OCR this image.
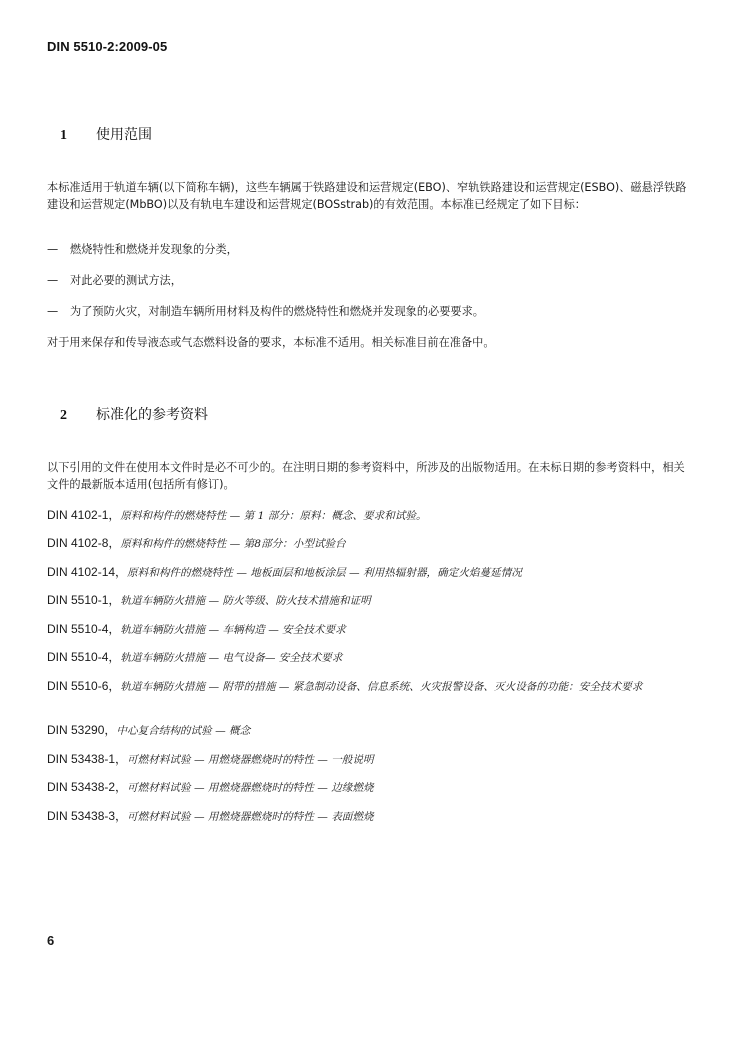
DIN 5510-2:2009-05
1 使用范围
本标准适用于轨道车辆(以下简称车辆)，这些车辆属于铁路建设和运营规定(EBO)、窄轨铁路建设和运营规定(ESBO)、磁悬浮铁路建设和运营规定(MbBO)以及有轨电车建设和运营规定(BOSstrab)的有效范围。本标准已经规定了如下目标：
— 燃烧特性和燃烧并发现象的分类，
— 对此必要的测试方法，
— 为了预防火灾，对制造车辆所用材料及构件的燃烧特性和燃烧并发现象的必要要求。
对于用来保存和传导液态或气态燃料设备的要求，本标准不适用。相关标准目前在准备中。
2 标准化的参考资料
以下引用的文件在使用本文件时是必不可少的。在注明日期的参考资料中，所涉及的出版物适用。在未标日期的参考资料中，相关文件的最新版本适用(包括所有修订)。
DIN 4102-1，原料和构件的燃烧特性 — 第 1 部分：原料：概念、要求和试验。
DIN 4102-8，原料和构件的燃烧特性 — 第8部分：小型试验台
DIN 4102-14，原料和构件的燃烧特性 — 地板面层和地板涂层 — 利用热辐射器，确定火焰蔓延情况
DIN 5510-1，轨道车辆防火措施 — 防火等级、防火技术措施和证明
DIN 5510-4，轨道车辆防火措施 — 车辆构造 — 安全技术要求
DIN 5510-4，轨道车辆防火措施 — 电气设备— 安全技术要求
DIN 5510-6，轨道车辆防火措施 — 附带的措施 — 紧急制动设备、信息系统、火灾报警设备、灭火设备的功能：安全技术要求
DIN 53290，中心复合结构的试验 — 概念
DIN 53438-1，可燃材料试验 — 用燃烧器燃烧时的特性 — 一般说明
DIN 53438-2，可燃材料试验 — 用燃烧器燃烧时的特性 — 边缘燃烧
DIN 53438-3，可燃材料试验 — 用燃烧器燃烧时的特性 — 表面燃烧
6
